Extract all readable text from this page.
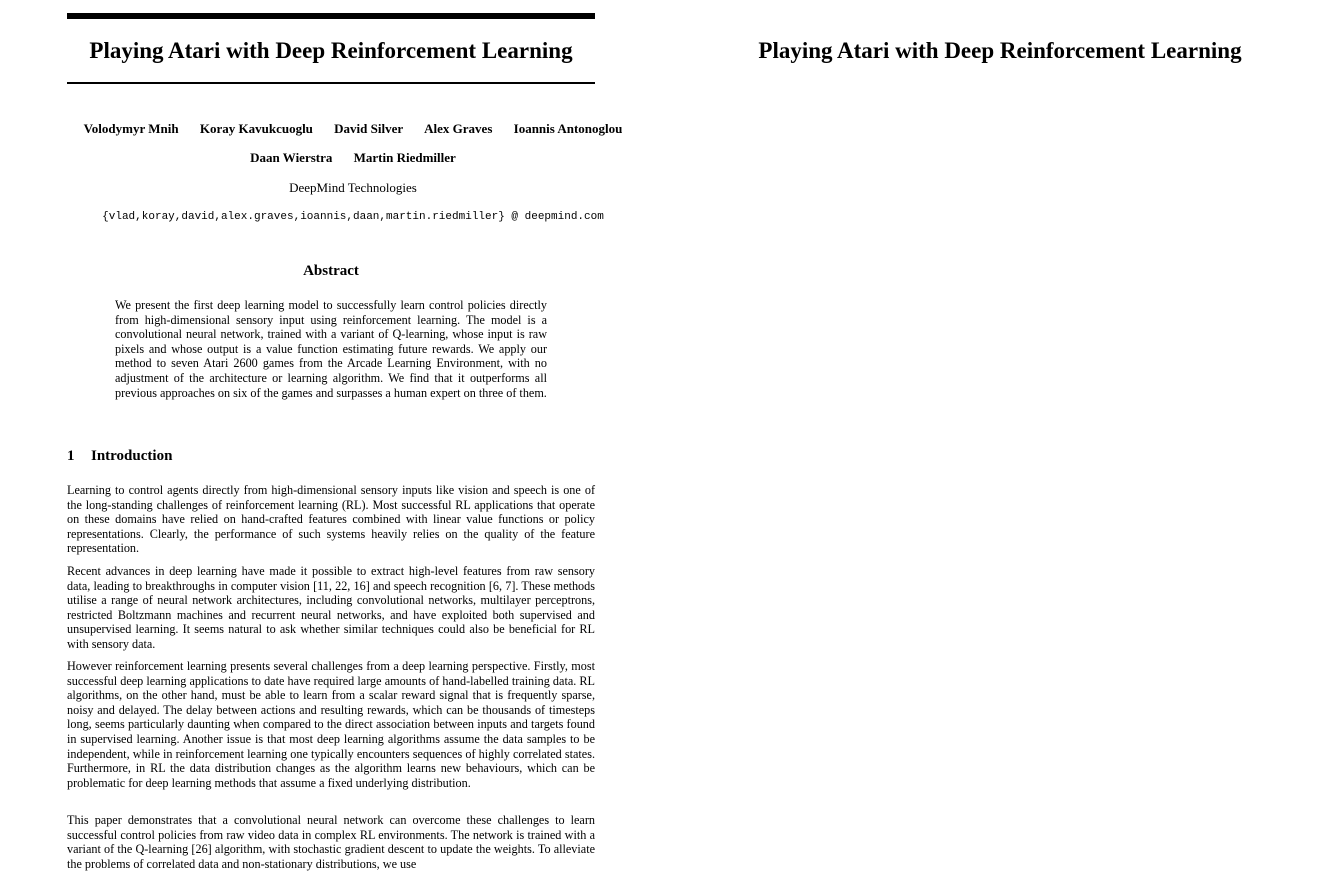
Playing Atari with Deep Reinforcement Learning
Volodymyr Mnih Koray Kavukcuoglu David Silver Alex Graves Ioannis Antonoglou
Daan Wierstra Martin Riedmiller
DeepMind Technologies
{vlad,koray,david,alex.graves,ioannis,daan,martin.riedmiller} @ deepmind.com
Abstract

We present the first deep learning model to successfully learn control policies directly from high-dimensional sensory input using reinforcement learning. The model is a convolutional neural network, trained with a variant of Q-learning, whose input is raw pixels and whose output is a value function estimating future rewards. We apply our method to seven Atari 2600 games from the Arcade Learning Environment, with no adjustment of the architecture or learning algorithm. We find that it outperforms all previous approaches on six of the games and surpasses a human expert on three of them.

1 Introduction

Learning to control agents directly from high-dimensional sensory inputs like vision and speech is one of the long-standing challenges of reinforcement learning (RL). Most successful RL applications that operate on these domains have relied on hand-crafted features combined with linear value functions or policy representations. Clearly, the performance of such systems heavily relies on the quality of the feature representation.

Recent advances in deep learning have made it possible to extract high-level features from raw sensory data, leading to breakthroughs in computer vision [11, 22, 16] and speech recognition [6, 7]. These methods utilise a range of neural network architectures, including convolutional networks, multilayer perceptrons, restricted Boltzmann machines and recurrent neural networks, and have exploited both supervised and unsupervised learning. It seems natural to ask whether similar techniques could also be beneficial for RL with sensory data.

However reinforcement learning presents several challenges from a deep learning perspective. Firstly, most successful deep learning applications to date have required large amounts of hand-labelled training data. RL algorithms, on the other hand, must be able to learn from a scalar reward signal that is frequently sparse, noisy and delayed. The delay between actions and resulting rewards, which can be thousands of timesteps long, seems particularly daunting when compared to the direct association between inputs and targets found in supervised learning. Another issue is that most deep learning algorithms assume the data samples to be independent, while in reinforcement learning one typically encounters sequences of highly correlated states. Furthermore, in RL the data distribution changes as the algorithm learns new behaviours, which can be problematic for deep learning methods that assume a fixed underlying distribution.

This paper demonstrates that a convolutional neural network can overcome these challenges to learn successful control policies from raw video data in complex RL environments. The network is trained with a variant of the Q-learning [26] algorithm, with stochastic gradient descent to update the weights. To alleviate the problems of correlated data and non-stationary distributions, we use

Playing Atari with Deep Reinforcement Learning
